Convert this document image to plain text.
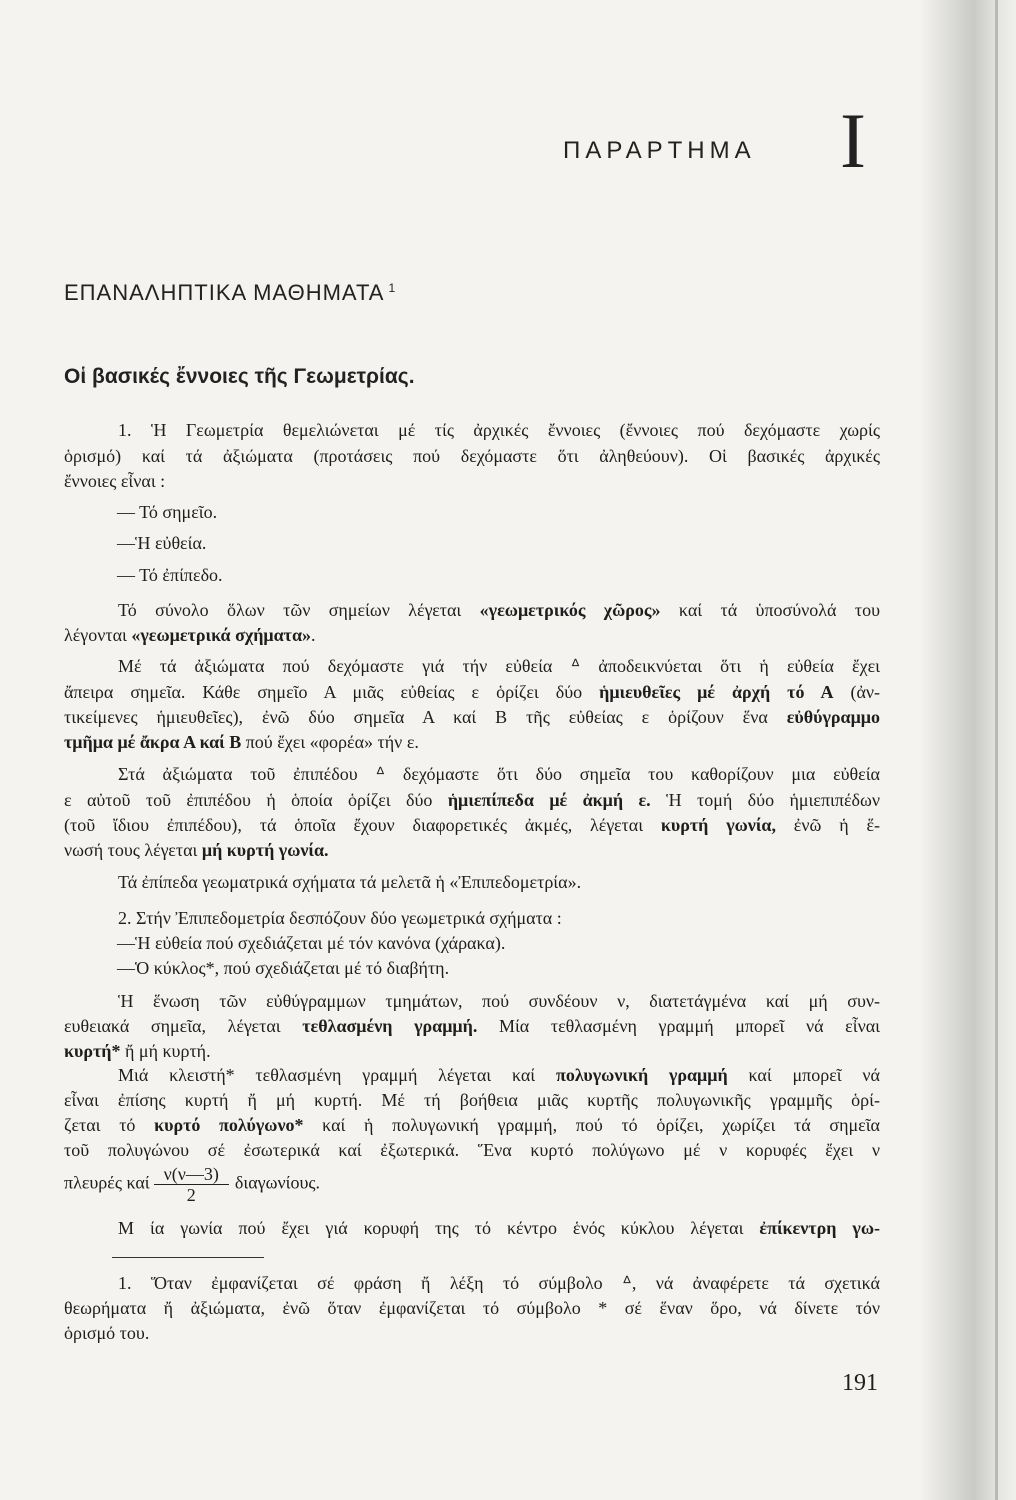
ΠΑΡΑΡΤΗΜΑ I
ΕΠΑΝΑΛΗΠΤΙΚΑ ΜΑΘΗΜΑΤΑ $^1$
Οἱ βασικές ἔννοιες τῆς Γεωμετρίας.
1. Ἡ Γεωμετρία θεμελιώνεται μέ τίς ἀρχικές ἔννοιες (ἔννοιες πού δεχόμαστε χωρίς
ὁρισμό) καί τά ἀξιώματα (προτάσεις πού δεχόμαστε ὅτι ἀληθεύουν). Οἱ βασικές ἀρχικές
ἔννοιες εἶναι :
— Τό σημεῖο.
—Ἡ εὐθεία.
— Τό ἐπίπεδο.
Τό σύνολο ὅλων τῶν σημείων λέγεται «γεωμετρικός χῶρος» καί τά ὑποσύνολά του
λέγονται «γεωμετρικά σχήματα».
Μέ τά ἀξιώματα πού δεχόμαστε γιά τήν εὐθεία ᐞ ἀποδεικνύεται ὅτι ἡ εὐθεία ἔχει
ἄπειρα σημεῖα. Κάθε σημεῖο Α μιᾶς εὐθείας ε ὁρίζει δύο ἡμιευθεῖες μέ ἀρχή τό Α (ἀν-
τικείμενες ἡμιευθεῖες), ἐνῶ δύο σημεῖα Α καί Β τῆς εὐθείας ε ὁρίζουν ἕνα εὐθύγραμμο
τμῆμα μέ ἄκρα Α καί Β πού ἔχει «φορέα» τήν ε.
Στά ἀξιώματα τοῦ ἐπιπέδου ᐞ δεχόμαστε ὅτι δύο σημεῖα του καθορίζουν μια εὐθεία
ε αὐτοῦ τοῦ ἐπιπέδου ἡ ὁποία ὁρίζει δύο ἡμιεπίπεδα μέ ἀκμή ε. Ἡ τομή δύο ἡμιεπιπέδων
(τοῦ ἴδιου ἐπιπέδου), τά ὁποῖα ἔχουν διαφορετικές ἀκμές, λέγεται κυρτή γωνία, ἐνῶ ἡ ἕ-
νωσή τους λέγεται μή κυρτή γωνία.
Τά ἐπίπεδα γεωματρικά σχήματα τά μελετᾶ ἡ «Ἐπιπεδομετρία».
2. Στήν Ἐπιπεδομετρία δεσπόζουν δύο γεωμετρικά σχήματα :
—Ἡ εὐθεία πού σχεδιάζεται μέ τόν κανόνα (χάρακα).
—Ὁ κύκλος*, πού σχεδιάζεται μέ τό διαβήτη.
Ἡ ἕνωση τῶν εὐθύγραμμων τμημάτων, πού συνδέουν ν, διατετάγμένα καί μή συν-
ευθειακά σημεῖα, λέγεται τεθλασμένη γραμμή. Μία τεθλασμένη γραμμή μπορεῖ νά εἶναι
κυρτή* ἤ μή κυρτή.
Μιά κλειστή* τεθλασμένη γραμμή λέγεται καί πολυγωνική γραμμή καί μπορεῖ νά
εἶναι ἐπίσης κυρτή ἤ μή κυρτή. Μέ τή βοήθεια μιᾶς κυρτῆς πολυγωνικῆς γραμμῆς ὁρί-
ζεται τό κυρτό πολύγωνο* καί ἡ πολυγωνική γραμμή, πού τό ὁρίζει, χωρίζει τά σημεῖα
τοῦ πολυγώνου σέ ἐσωτερικά καί ἐξωτερικά. Ἕνα κυρτό πολύγωνο μέ ν κορυφές ἔχει ν
πλευρές καί $\frac{\nu(\nu—3)}{2} \delta\iota\alpha\gamma\omega\nu ίo\upsilon\varsigma$.
Μ ία γωνία πού ἔχει γιά κορυφή της τό κέντρο ἑνός κύκλου λέγεται ἐπίκεντρη γω-
1. Ὅταν ἐμφανίζεται σέ φράση ἤ λέξη τό σύμβολο ᐞ, νά ἀναφέρετε τά σχετικά
θεωρήματα ἤ ἀξιώματα, ἐνῶ ὅταν ἐμφανίζεται τό σύμβολο * σέ ἕναν ὅρο, νά δίνετε τόν
ὁρισμό του.
191
